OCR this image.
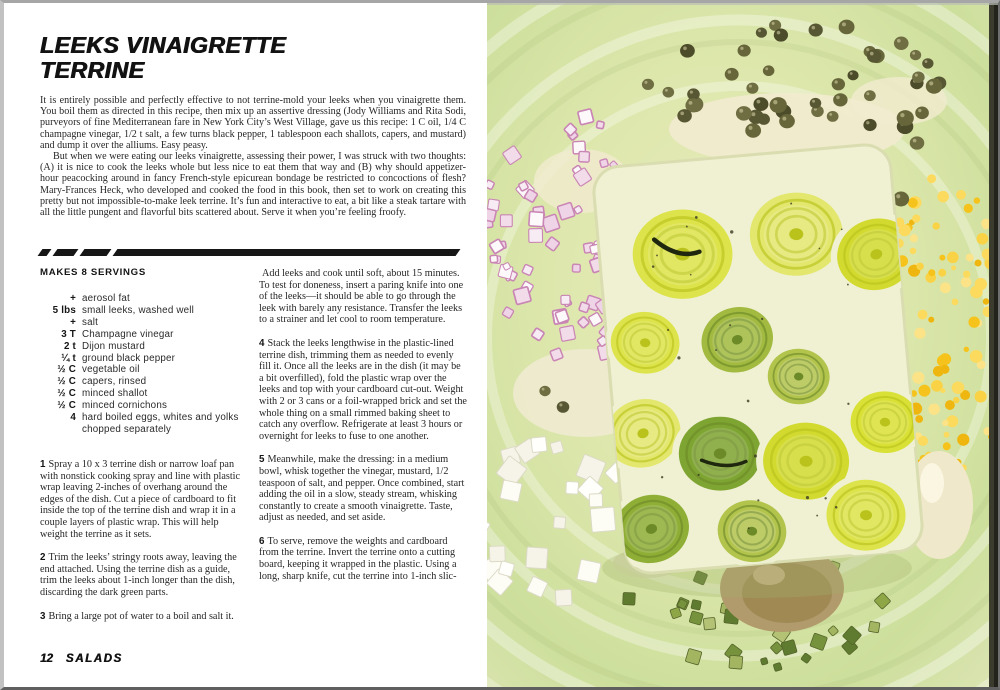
LEEKS VINAIGRETTE
TERRINE

It is entirely possible and perfectly effective to not terrine-mold your leeks when you vinaigrette them. You boil them as directed in this recipe, then mix up an assertive dressing (Jody Williams and Rita Sodi, purveyors of fine Mediterranean fare in New York City’s West Village, gave us this recipe: 1 C oil, 1/4 C champagne vinegar, 1/2 t salt, a few turns black pepper, 1 tablespoon each shallots, capers, and mustard) and dump it over the alliums. Easy peasy.

But when we were eating our leeks vinaigrette, assessing their power, I was struck with two thoughts: (A) it is nice to cook the leeks whole but less nice to eat them that way and (B) why should appetizer-hour peacocking around in fancy French-style epicurean bondage be restricted to concoctions of flesh? Mary-Frances Heck, who developed and cooked the food in this book, then set to work on creating this pretty but not impossible-to-make leek terrine. It’s fun and interactive to eat, a bit like a steak tartare with all the little pungent and flavorful bits scattered about. Serve it when you’re feeling froofy.

MAKES 8 SERVINGS
+ aerosol fat
5 lbs small leeks, washed well
+ salt
3 T Champagne vinegar
2 t Dijon mustard
¼ t ground black pepper
½ C vegetable oil
½ C capers, rinsed
½ C minced shallot
½ C minced cornichons
4 hard boiled eggs, whites and yolks chopped separately

1 Spray a 10 x 3 terrine dish or narrow loaf pan with nonstick cooking spray and line with plastic wrap leaving 2-inches of overhang around the edges of the dish. Cut a piece of cardboard to fit inside the top of the terrine dish and wrap it in a couple layers of plastic wrap. This will help weight the terrine as it sets.

2 Trim the leeks’ stringy roots away, leaving the end attached. Using the terrine dish as a guide, trim the leeks about 1-inch longer than the dish, discarding the dark green parts.

3 Bring a large pot of water to a boil and salt it.

Add leeks and cook until soft, about 15 minutes. To test for doneness, insert a paring knife into one of the leeks—it should be able to go through the leek with barely any resistance. Transfer the leeks to a strainer and let cool to room temperature.

4 Stack the leeks lengthwise in the plastic-lined terrine dish, trimming them as needed to evenly fill it. Once all the leeks are in the dish (it may be a bit overfilled), fold the plastic wrap over the leeks and top with your cardboard cut-out. Weight with 2 or 3 cans or a foil-wrapped brick and set the whole thing on a small rimmed baking sheet to catch any overflow. Refrigerate at least 3 hours or overnight for leeks to fuse to one another.

5 Meanwhile, make the dressing: in a medium bowl, whisk together the vinegar, mustard, 1/2 teaspoon of salt, and pepper. Once combined, start adding the oil in a slow, steady stream, whisking constantly to create a smooth vinaigrette. Taste, adjust as needed, and set aside.

6 To serve, remove the weights and cardboard from the terrine. Invert the terrine onto a cutting board, keeping it wrapped in the plastic. Using a long, sharp knife, cut the terrine into 1-inch slic-

12 SALADS
